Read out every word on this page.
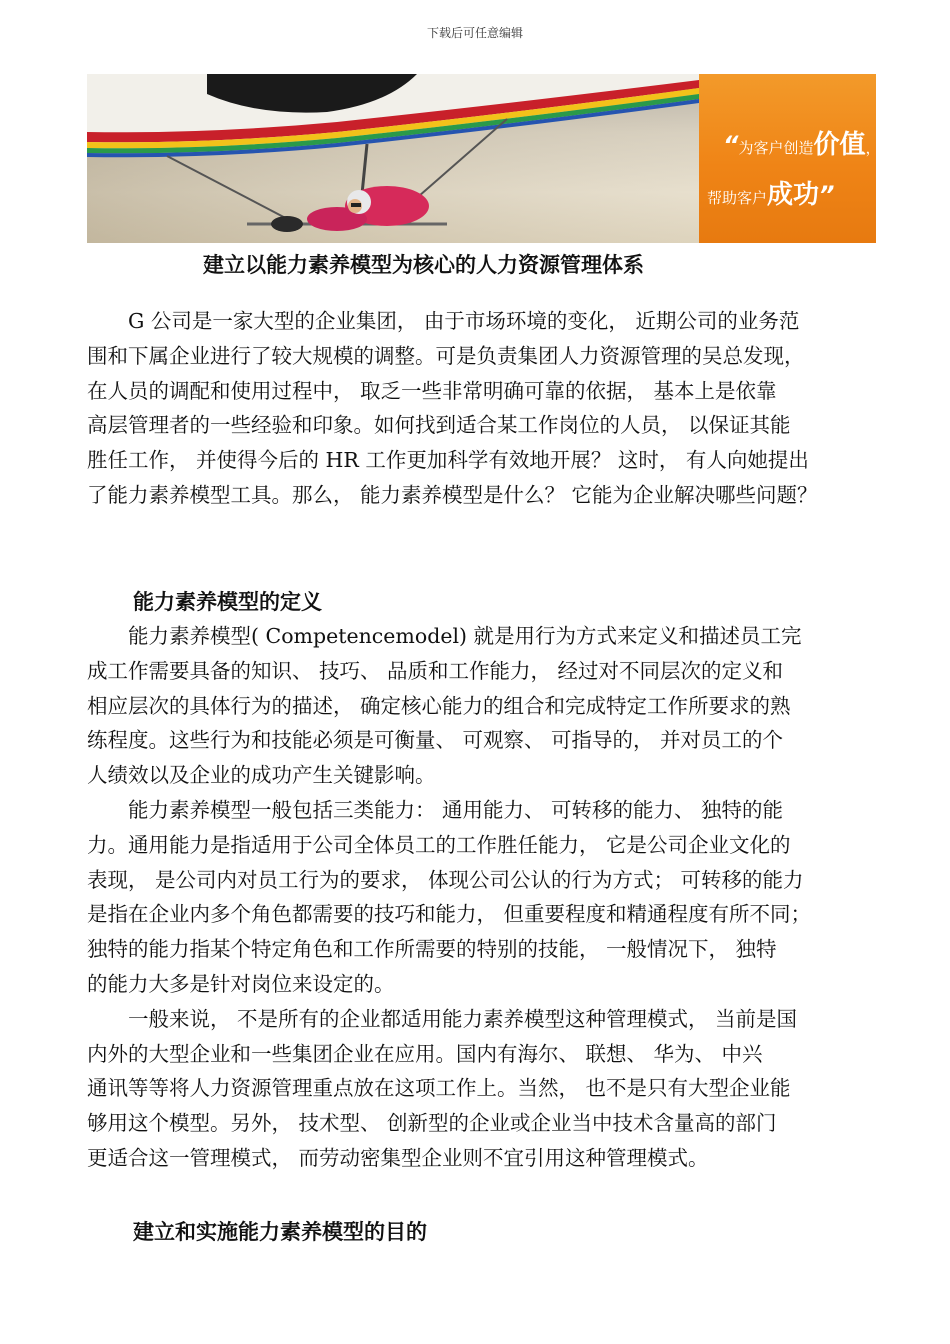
下载后可任意编辑
“为客户创造价值，
帮助客户成功”
建立以能力素养模型为核心的人力资源管理体系
　　G 公司是一家大型的企业集团， 由于市场环境的变化， 近期公司的业务范
围和下属企业进行了较大规模的调整。可是负责集团人力资源管理的吴总发现，
在人员的调配和使用过程中， 取乏一些非常明确可靠的依据， 基本上是依靠
高层管理者的一些经验和印象。如何找到适合某工作岗位的人员， 以保证其能
胜任工作， 并使得今后的 HR 工作更加科学有效地开展？ 这时， 有人向她提出
了能力素养模型工具。那么， 能力素养模型是什么？ 它能为企业解决哪些问题？
能力素养模型的定义
　　能力素养模型( Competencemodel) 就是用行为方式来定义和描述员工完
成工作需要具备的知识、 技巧、 品质和工作能力， 经过对不同层次的定义和
相应层次的具体行为的描述， 确定核心能力的组合和完成特定工作所要求的熟
练程度。这些行为和技能必须是可衡量、 可观察、 可指导的， 并对员工的个
人绩效以及企业的成功产生关键影响。
　　能力素养模型一般包括三类能力： 通用能力、 可转移的能力、 独特的能
力。通用能力是指适用于公司全体员工的工作胜任能力， 它是公司企业文化的
表现， 是公司内对员工行为的要求， 体现公司公认的行为方式； 可转移的能力
是指在企业内多个角色都需要的技巧和能力， 但重要程度和精通程度有所不同；
独特的能力指某个特定角色和工作所需要的特别的技能， 一般情况下， 独特
的能力大多是针对岗位来设定的。
　　一般来说， 不是所有的企业都适用能力素养模型这种管理模式， 当前是国
内外的大型企业和一些集团企业在应用。国内有海尔、 联想、 华为、 中兴
通讯等等将人力资源管理重点放在这项工作上。当然， 也不是只有大型企业能
够用这个模型。另外， 技术型、 创新型的企业或企业当中技术含量高的部门
更适合这一管理模式， 而劳动密集型企业则不宜引用这种管理模式。
建立和实施能力素养模型的目的
